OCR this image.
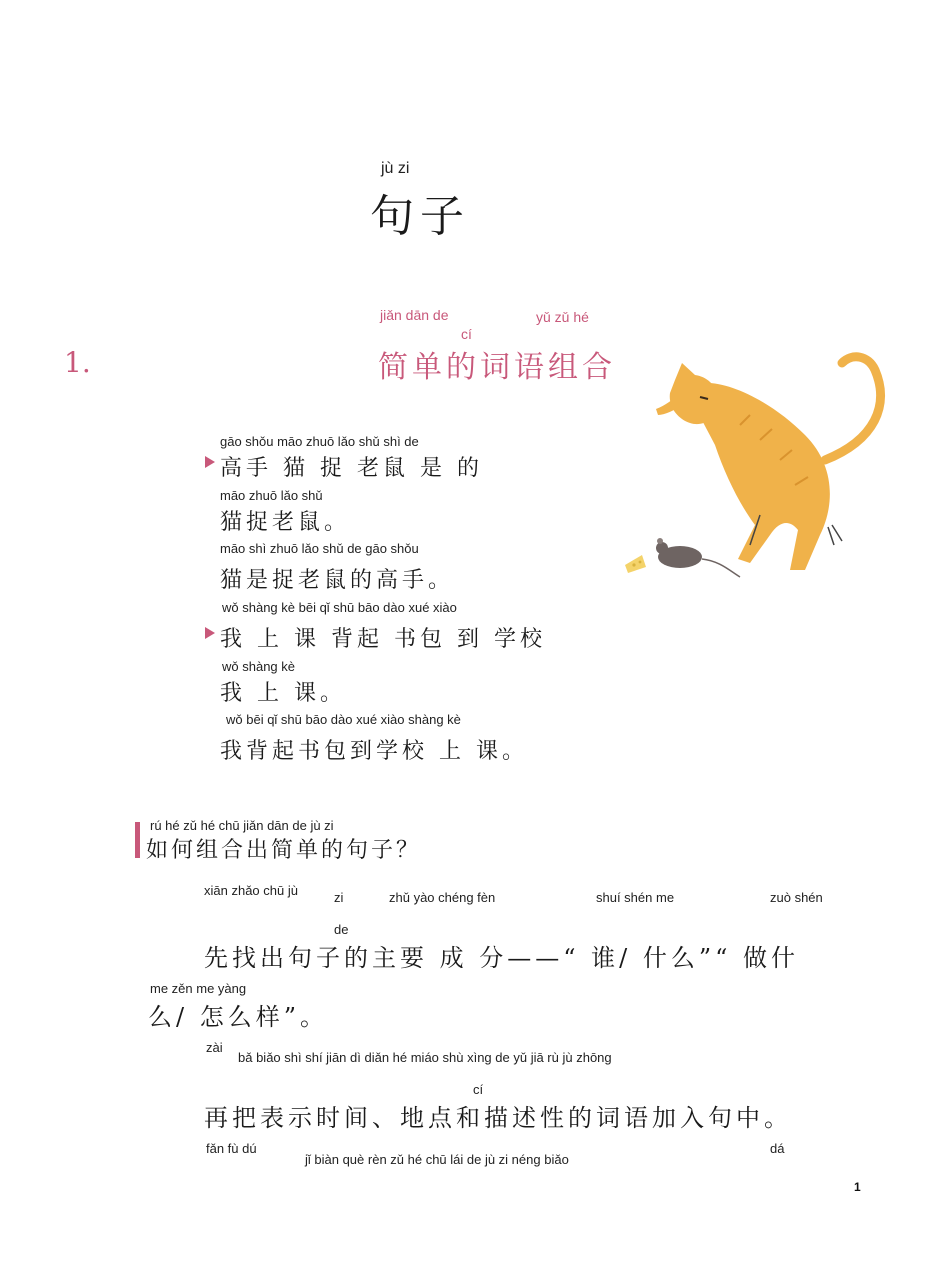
jù zi
句子
jiǎn dān de	yǔ zǔ hé
cí
1.	简单的词语组合
gāo shǒu māo zhuō lǎo shǔ shì de
高手 猫 捉 老鼠 是 的
māo zhuō lǎo shǔ
猫捉老鼠。
māo shì zhuō lǎo shǔ de gāo shǒu
猫是捉老鼠的高手。
wǒ shàng kè bēi qǐ shū bāo dào xué xiào
我 上 课 背起 书包 到 学校
wǒ shàng kè
我 上 课。
wǒ bēi qǐ shū bāo dào xué xiào shàng kè
我背起书包到学校 上 课。
rú hé zǔ hé chū jiǎn dān de jù zi
如何组合出简单的句子？
xiān zhǎo chū jù	zi
de
zhǔ yào chéng fèn	shuí shén me	zuò shén
先找出句子的主要 成 分——“ 谁/ 什么”“ 做什
me zěn me yàng
么/ 怎么样”。
zài
bǎ biǎo shì shí jiān dì diǎn hé miáo shù xìng de yǔ jiā rù jù zhōng
cí
再把表示时间、地点和描述性的词语加入句中。
fǎn fù dú
jǐ biàn què rèn zǔ hé chū lái de jù zi néng biǎo
dá
1
